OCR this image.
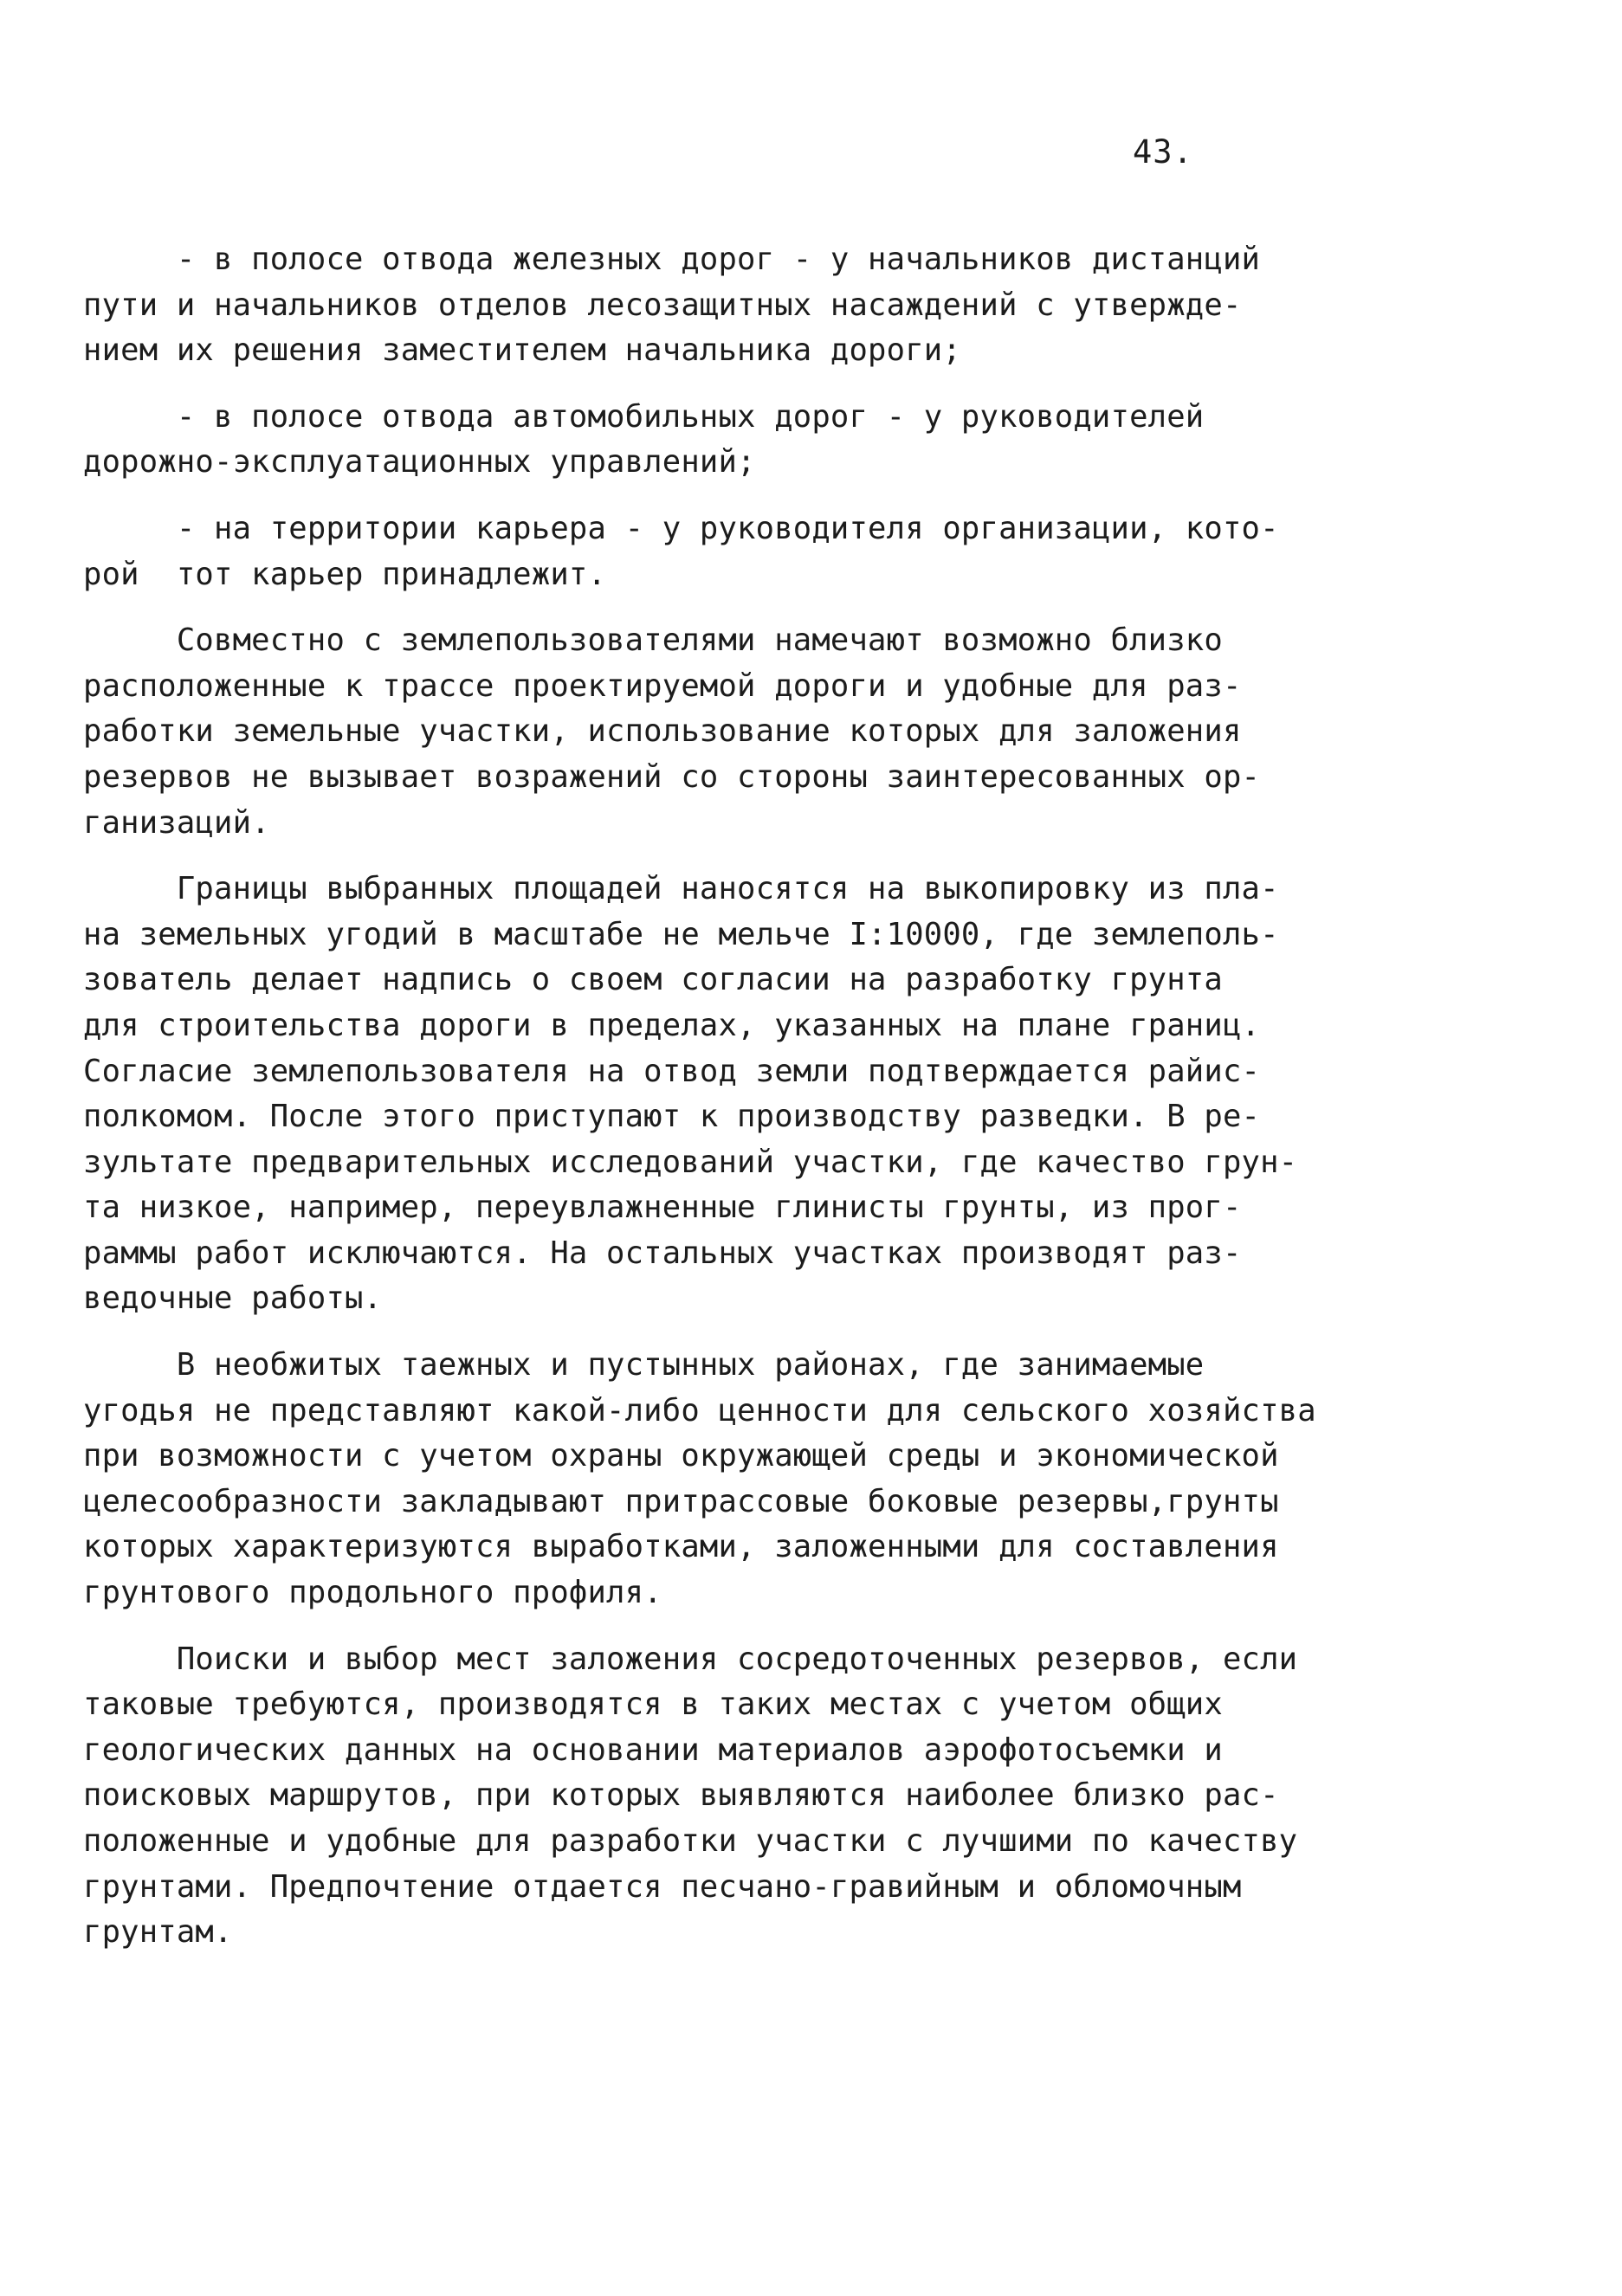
43.
- в полосе отвода железных дорог - у начальников дистанций
пути и начальников отделов лесозащитных насаждений с утвержде-
нием их решения заместителем начальника дороги;
- в полосе отвода автомобильных дорог - у руководителей
дорожно-эксплуатационных управлений;
- на территории карьера - у руководителя организации, кото-
рой  тот карьер принадлежит.
Совместно с землепользователями намечают возможно близко
расположенные к трассе проектируемой дороги и удобные для раз-
работки земельные участки, использование которых для заложения
резервов не вызывает возражений со стороны заинтересованных ор-
ганизаций.
Границы выбранных площадей наносятся на выкопировку из пла-
на земельных угодий в масштабе не мельче I:10000, где землеполь-
зователь делает надпись о своем согласии на разработку грунта
для строительства дороги в пределах, указанных на плане границ.
Согласие землепользователя на отвод земли подтверждается райис-
полкомом. После этого приступают к производству разведки. В ре-
зультате предварительных исследований участки, где качество грун-
та низкое, например, переувлажненные глинисты грунты, из прог-
раммы работ исключаются. На остальных участках производят раз-
ведочные работы.
В необжитых таежных и пустынных районах, где занимаемые
угодья не представляют какой-либо ценности для сельского хозяйства
при возможности с учетом охраны окружающей среды и экономической
целесообразности закладывают притрассовые боковые резервы,грунты
которых характеризуются выработками, заложенными для составления
грунтового продольного профиля.
Поиски и выбор мест заложения сосредоточенных резервов, если
таковые требуются, производятся в таких местах с учетом общих
геологических данных на основании материалов аэрофотосъемки и
поисковых маршрутов, при которых выявляются наиболее близко рас-
положенные и удобные для разработки участки с лучшими по качеству
грунтами. Предпочтение отдается песчано-гравийным и обломочным
грунтам.
